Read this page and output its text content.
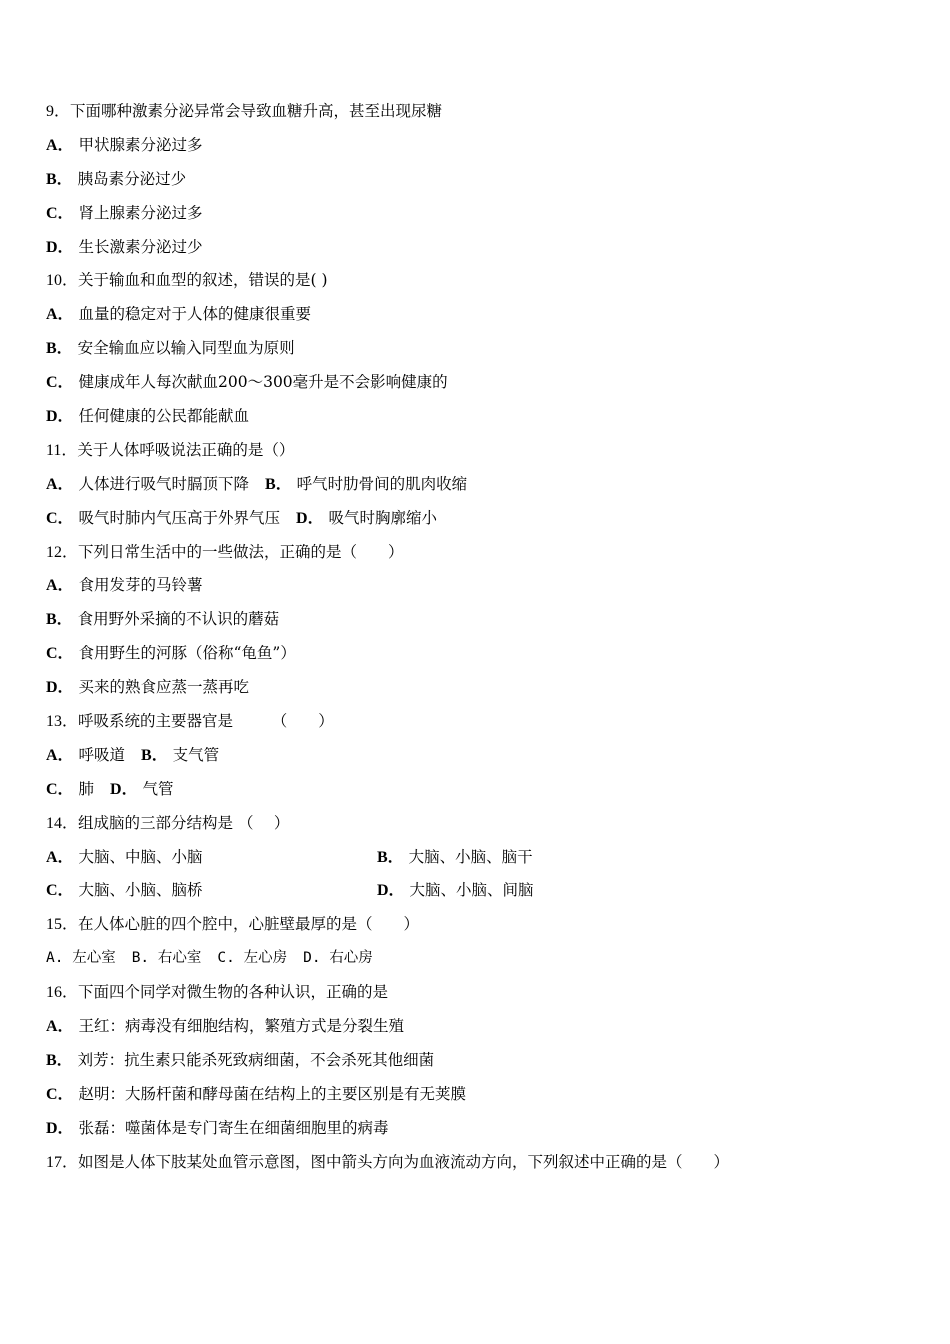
9．下面哪种激素分泌异常会导致血糖升高，甚至出现尿糖
A． 甲状腺素分泌过多
B． 胰岛素分泌过少
C． 肾上腺素分泌过多
D． 生长激素分泌过少
10．关于输血和血型的叙述，错误的是( )
A． 血量的稳定对于人体的健康很重要
B． 安全输血应以输入同型血为原则
C． 健康成年人每次献血200～300毫升是不会影响健康的
D． 任何健康的公民都能献血
11．关于人体呼吸说法正确的是（）
A． 人体进行吸气时膈顶下降 B． 呼气时肋骨间的肌肉收缩
C． 吸气时肺内气压高于外界气压 D． 吸气时胸廓缩小
12．下列日常生活中的一些做法，正确的是（　　）
A． 食用发芽的马铃薯
B． 食用野外采摘的不认识的蘑菇
C． 食用野生的河豚（俗称“龟鱼”）
D． 买来的熟食应蒸一蒸再吃
13．呼吸系统的主要器官是　　　（　　）
A． 呼吸道 B． 支气管
C． 肺 D． 气管
14．组成脑的三部分结构是 （　 ）
A． 大脑、中脑、小脑	B． 大脑、小脑、脑干
C． 大脑、小脑、脑桥	D． 大脑、小脑、间脑
15．在人体心脏的四个腔中，心脏壁最厚的是（　　）
A. 左心室 B. 右心室 C. 左心房 D. 右心房
16．下面四个同学对微生物的各种认识，正确的是
A． 王红：病毒没有细胞结构，繁殖方式是分裂生殖
B． 刘芳：抗生素只能杀死致病细菌，不会杀死其他细菌
C． 赵明：大肠杆菌和酵母菌在结构上的主要区别是有无荚膜
D． 张磊：噬菌体是专门寄生在细菌细胞里的病毒
17．如图是人体下肢某处血管示意图，图中箭头方向为血液流动方向，下列叙述中正确的是（　　）
